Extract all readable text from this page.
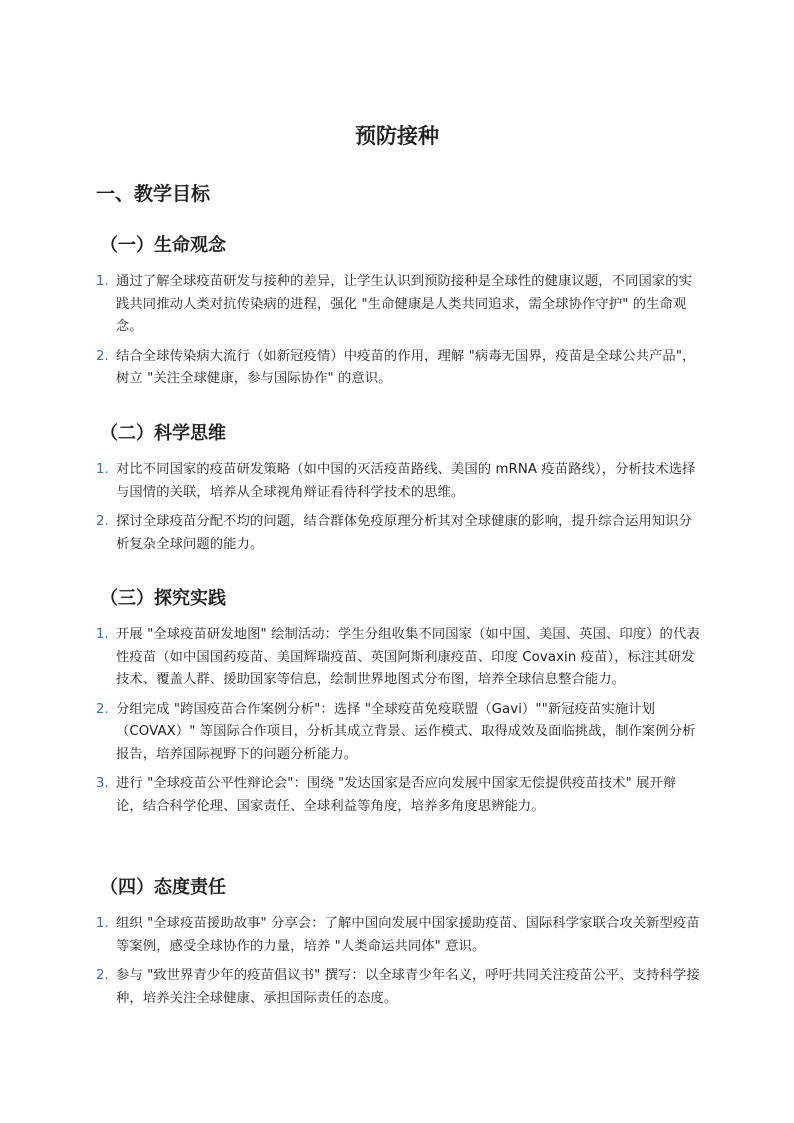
预防接种
一、教学目标
（一）生命观念
1. 通过了解全球疫苗研发与接种的差异，让学生认识到预防接种是全球性的健康议题，不同国家的实践共同推动人类对抗传染病的进程，强化 "生命健康是人类共同追求，需全球协作守护" 的生命观念。
2. 结合全球传染病大流行（如新冠疫情）中疫苗的作用，理解 "病毒无国界，疫苗是全球公共产品"，树立 "关注全球健康，参与国际协作" 的意识。
（二）科学思维
1. 对比不同国家的疫苗研发策略（如中国的灭活疫苗路线、美国的 mRNA 疫苗路线），分析技术选择与国情的关联，培养从全球视角辩证看待科学技术的思维。
2. 探讨全球疫苗分配不均的问题，结合群体免疫原理分析其对全球健康的影响，提升综合运用知识分析复杂全球问题的能力。
（三）探究实践
1. 开展 "全球疫苗研发地图" 绘制活动：学生分组收集不同国家（如中国、美国、英国、印度）的代表性疫苗（如中国国药疫苗、美国辉瑞疫苗、英国阿斯利康疫苗、印度 Covaxin 疫苗），标注其研发技术、覆盖人群、援助国家等信息，绘制世界地图式分布图，培养全球信息整合能力。
2. 分组完成 "跨国疫苗合作案例分析"：选择 "全球疫苗免疫联盟（Gavi）""新冠疫苗实施计划（COVAX）" 等国际合作项目，分析其成立背景、运作模式、取得成效及面临挑战，制作案例分析报告，培养国际视野下的问题分析能力。
3. 进行 "全球疫苗公平性辩论会"：围绕 "发达国家是否应向发展中国家无偿提供疫苗技术" 展开辩论，结合科学伦理、国家责任、全球利益等角度，培养多角度思辨能力。
（四）态度责任
1. 组织 "全球疫苗援助故事" 分享会：了解中国向发展中国家援助疫苗、国际科学家联合攻关新型疫苗等案例，感受全球协作的力量，培养 "人类命运共同体" 意识。
2. 参与 "致世界青少年的疫苗倡议书" 撰写：以全球青少年名义，呼吁共同关注疫苗公平、支持科学接种，培养关注全球健康、承担国际责任的态度。
